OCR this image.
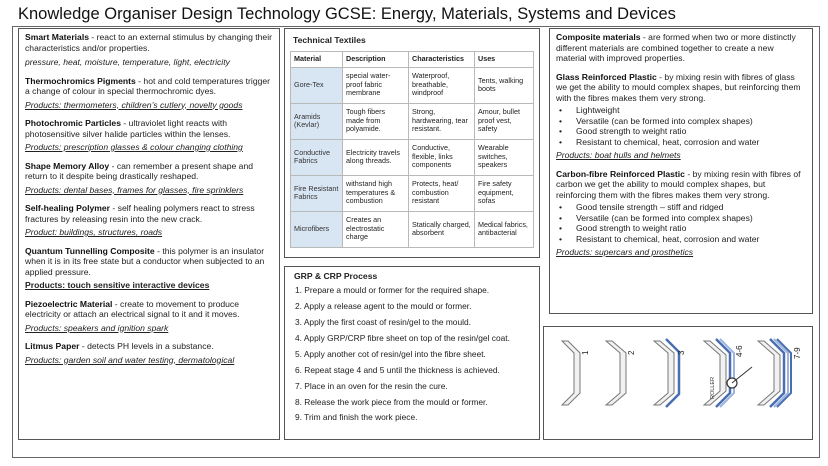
Knowledge Organiser Design Technology GCSE: Energy, Materials, Systems and Devices
Smart Materials - react to an external stimulus by changing their characteristics and/or properties.
pressure, heat, moisture, temperature, light, electricity
Thermochromics Pigments - hot and cold temperatures trigger a change of colour in special thermochromic dyes.
Products: thermometers, children’s cutlery, novelty goods
Photochromic Particles - ultraviolet light reacts with photosensitive silver halide particles within the lenses.
Products: prescription glasses & colour changing clothing
Shape Memory Alloy - can remember a present shape and return to it despite being drastically reshaped.
Products: dental bases, frames for glasses, fire sprinklers
Self-healing Polymer - self healing polymers react to stress fractures by releasing resin into the new crack.
Product: buildings, structures, roads
Quantum Tunnelling Composite - this polymer is an insulator when it is in its free state but a conductor when subjected to an applied pressure.
Products: touch sensitive interactive devices
Piezoelectric Material - create to movement to produce electricity or attach an electrical signal to it and it moves.
Products: speakers and ignition spark
Litmus Paper - detects PH levels in a substance.
Products: garden soil and water testing, dermatological
Technical Textiles
Material	Description	Characteristics	Uses
Gore-Tex	special water-proof fabric membrane	Waterproof, breathable, windproof	Tents, walking boots
Aramids (Kevlar)	Tough fibers made from polyamide.	Strong, hardwearing, tear resistant.	Amour, bullet proof vest, safety
Conductive Fabrics	Electricity travels along threads.	Conductive, flexible, links components	Wearable switches, speakers
Fire Resistant Fabrics	withstand high temperatures & combustion	Protects, heat/ combustion resistant	Fire safety equipment, sofas
Microfibers	Creates an electrostatic charge	Statically charged, absorbent	Medical fabrics, antibacterial
GRP & CRP Process
1. Prepare a mould or former for the required shape.
2. Apply a release agent to the mould or former.
3. Apply the first coast of resin/gel to the mould.
4. Apply GRP/CRP fibre sheet on top of the resin/gel coat.
5. Apply another cot of resin/gel into the fibre sheet.
6. Repeat stage 4 and 5 until the thickness is achieved.
7. Place in an oven for the resin the cure.
8. Release the work piece from the mould or former.
9. Trim and finish the work piece.
Composite materials - are formed when two or more distinctly different materials are combined together to create a new material with improved properties.
Glass Reinforced Plastic - by mixing resin with fibres of glass we get the ability to mould complex shapes, but reinforcing them with the fibres makes them very strong.
• Lightweight
• Versatile (can be formed into complex shapes)
• Good strength to weight ratio
• Resistant to chemical, heat, corrosion and water
Products: boat hulls and helmets
Carbon-fibre Reinforced Plastic - by mixing resin with fibres of carbon we get the ability to mould complex shapes, but reinforcing them with the fibres makes them very strong.
• Good tensile strength – stiff and ridged
• Versatile (can be formed into complex shapes)
• Good strength to weight ratio
• Resistant to chemical, heat, corrosion and water
Products: supercars and prosthetics
ROLLER
1	2	3	4-6	7-9
